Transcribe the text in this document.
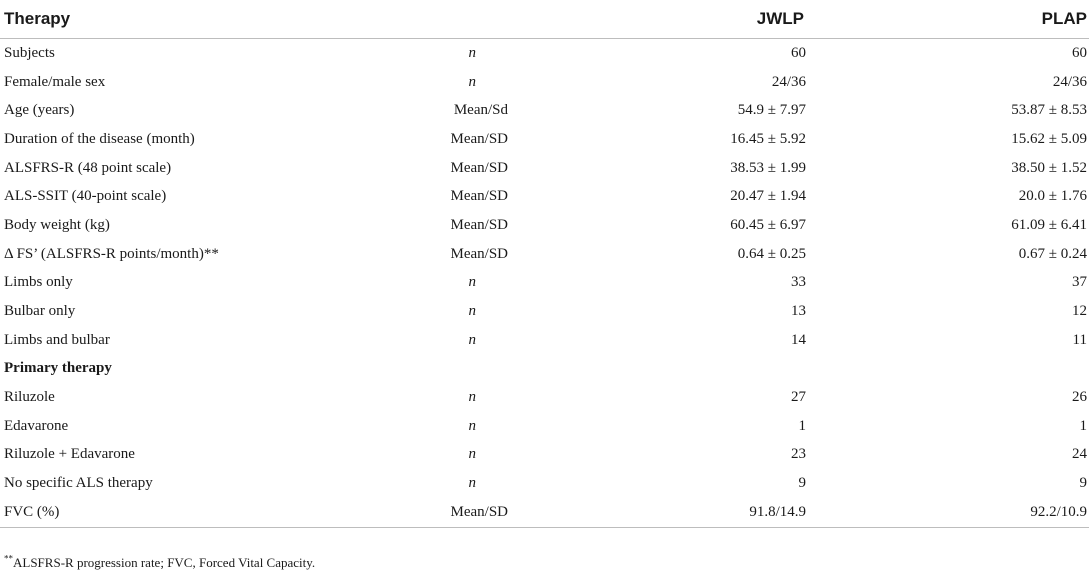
Therapy		JWLP	PLAP
Subjects	n	60	60
Female/male sex	n	24/36	24/36
Age (years)	Mean/Sd	54.9 ± 7.97	53.87 ± 8.53
Duration of the disease (month)	Mean/SD	16.45 ± 5.92	15.62 ± 5.09
ALSFRS-R (48 point scale)	Mean/SD	38.53 ± 1.99	38.50 ± 1.52
ALS-SSIT (40-point scale)	Mean/SD	20.47 ± 1.94	20.0 ± 1.76
Body weight (kg)	Mean/SD	60.45 ± 6.97	61.09 ± 6.41
Δ FS’ (ALSFRS-R points/month)**	Mean/SD	0.64 ± 0.25	0.67 ± 0.24
Limbs only	n	33	37
Bulbar only	n	13	12
Limbs and bulbar	n	14	11
Primary therapy			
Riluzole	n	27	26
Edavarone	n	1	1
Riluzole + Edavarone	n	23	24
No specific ALS therapy	n	9	9
FVC (%)	Mean/SD	91.8/14.9	92.2/10.9
**ALSFRS-R progression rate; FVC, Forced Vital Capacity.
